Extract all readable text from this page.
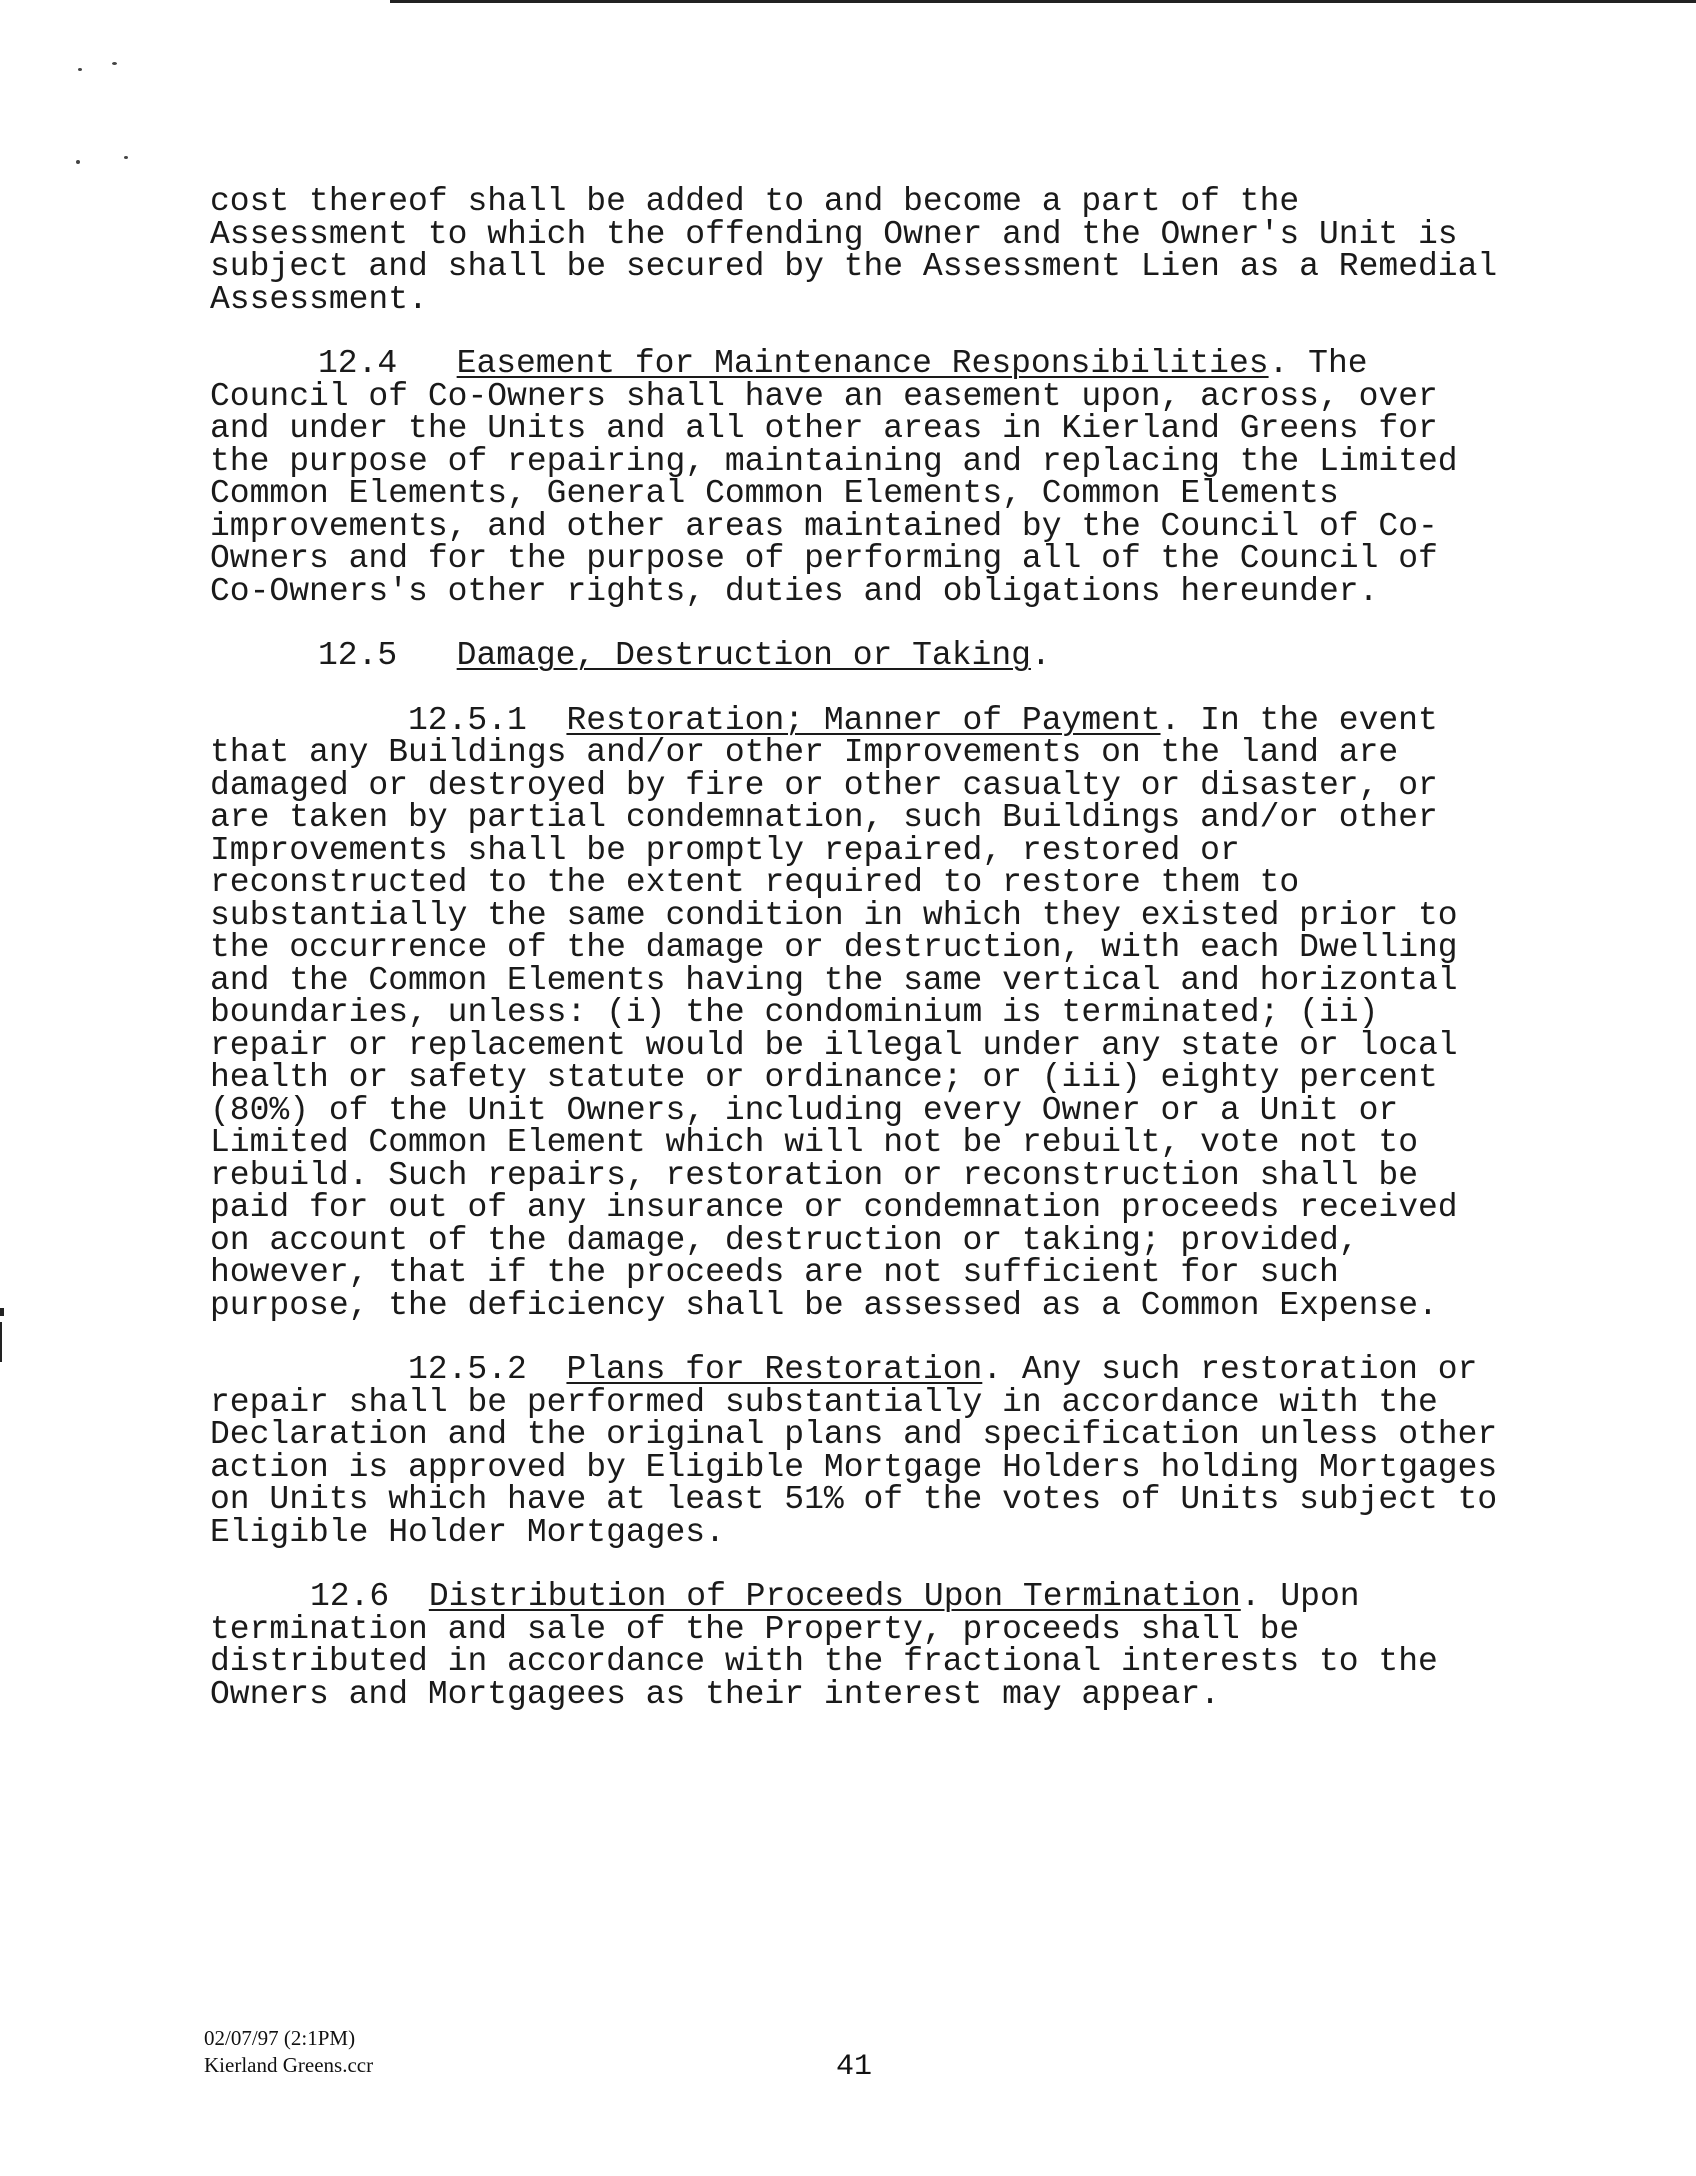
cost thereof shall be added to and become a part of the
Assessment to which the offending Owner and the Owner's Unit is
subject and shall be secured by the Assessment Lien as a Remedial
Assessment.
12.4 Easement for Maintenance Responsibilities. The
Council of Co-Owners shall have an easement upon, across, over
and under the Units and all other areas in Kierland Greens for
the purpose of repairing, maintaining and replacing the Limited
Common Elements, General Common Elements, Common Elements
improvements, and other areas maintained by the Council of Co-
Owners and for the purpose of performing all of the Council of
Co-Owners's other rights, duties and obligations hereunder.
12.5 Damage, Destruction or Taking.
12.5.1 Restoration; Manner of Payment. In the event
that any Buildings and/or other Improvements on the land are
damaged or destroyed by fire or other casualty or disaster, or
are taken by partial condemnation, such Buildings and/or other
Improvements shall be promptly repaired, restored or
reconstructed to the extent required to restore them to
substantially the same condition in which they existed prior to
the occurrence of the damage or destruction, with each Dwelling
and the Common Elements having the same vertical and horizontal
boundaries, unless: (i) the condominium is terminated; (ii)
repair or replacement would be illegal under any state or local
health or safety statute or ordinance; or (iii) eighty percent
(80%) of the Unit Owners, including every Owner or a Unit or
Limited Common Element which will not be rebuilt, vote not to
rebuild. Such repairs, restoration or reconstruction shall be
paid for out of any insurance or condemnation proceeds received
on account of the damage, destruction or taking; provided,
however, that if the proceeds are not sufficient for such
purpose, the deficiency shall be assessed as a Common Expense.
12.5.2 Plans for Restoration. Any such restoration or
repair shall be performed substantially in accordance with the
Declaration and the original plans and specification unless other
action is approved by Eligible Mortgage Holders holding Mortgages
on Units which have at least 51% of the votes of Units subject to
Eligible Holder Mortgages.
12.6 Distribution of Proceeds Upon Termination. Upon
termination and sale of the Property, proceeds shall be
distributed in accordance with the fractional interests to the
Owners and Mortgagees as their interest may appear.
02/07/97 (2:1PM)
Kierland Greens.ccr	41
